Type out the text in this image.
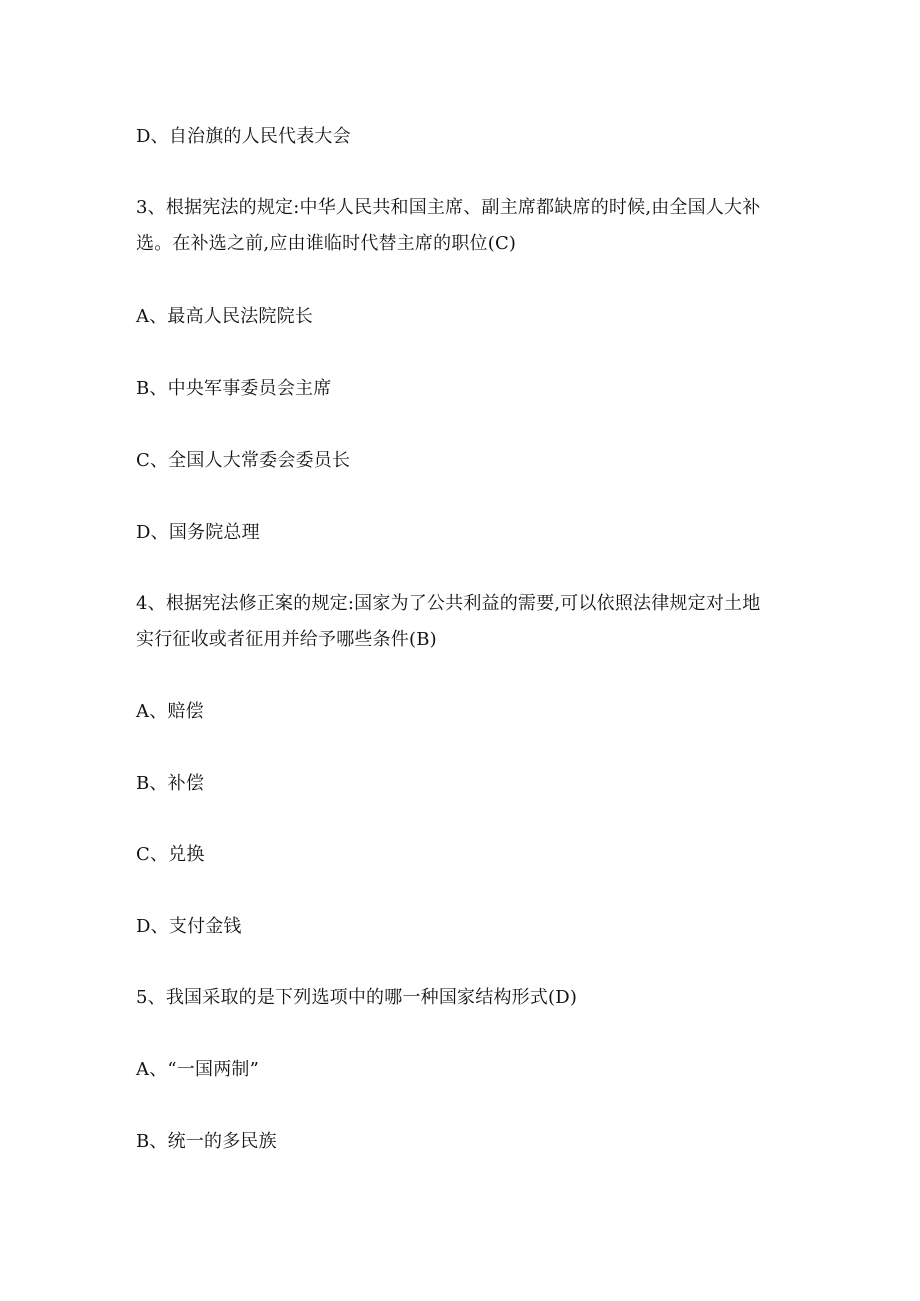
D、自治旗的人民代表大会
3、根据宪法的规定:中华人民共和国主席、副主席都缺席的时候,由全国人大补
选。在补选之前,应由谁临时代替主席的职位(C)
A、最高人民法院院长
B、中央军事委员会主席
C、全国人大常委会委员长
D、国务院总理
4、根据宪法修正案的规定:国家为了公共利益的需要,可以依照法律规定对土地
实行征收或者征用并给予哪些条件(B)
A、赔偿
B、补偿
C、兑换
D、支付金钱
5、我国采取的是下列选项中的哪一种国家结构形式(D)
A、“一国两制”
B、统一的多民族
